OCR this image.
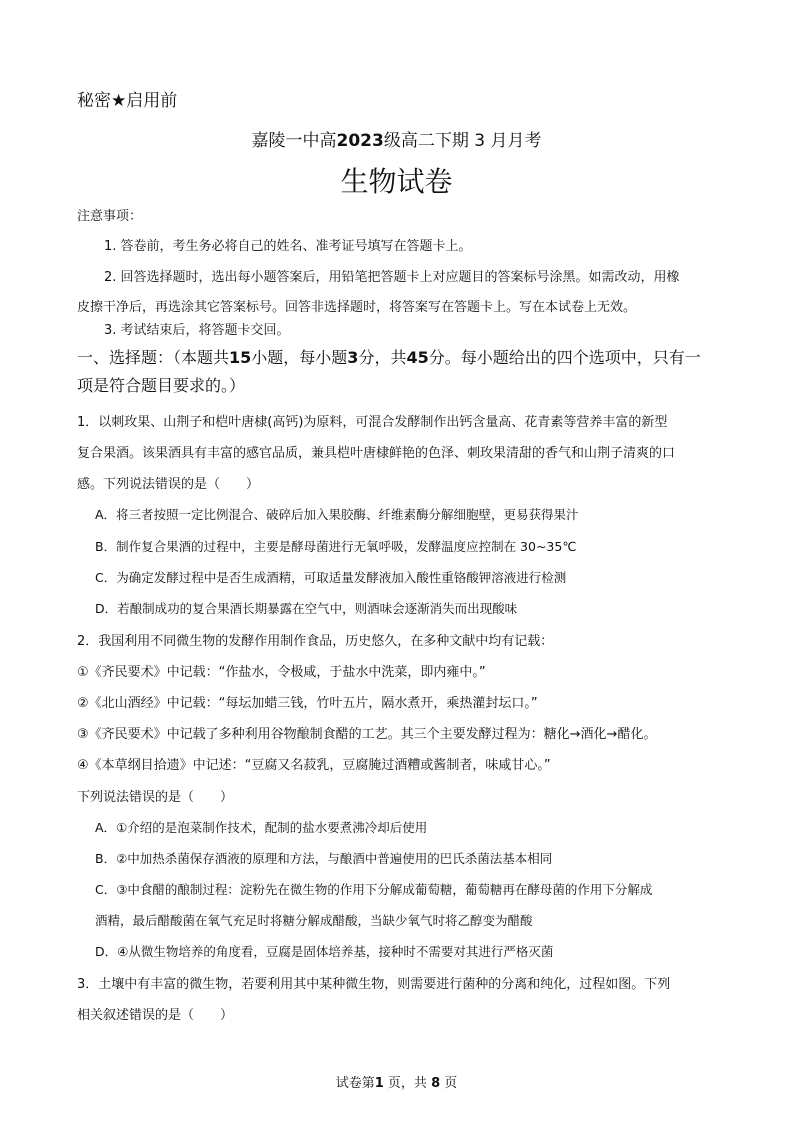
秘密★启用前
嘉陵一中高2023级高二下期 3 月月考
生物试卷
注意事项：
1. 答卷前，考生务必将自己的姓名、准考证号填写在答题卡上。
2. 回答选择题时，选出每小题答案后，用铅笔把答题卡上对应题目的答案标号涂黑。如需改动，用橡
皮擦干净后，再选涂其它答案标号。回答非选择题时，将答案写在答题卡上。写在本试卷上无效。
3. 考试结束后，将答题卡交回。
一、选择题：（本题共15小题，每小题3分，共45分。每小题给出的四个选项中，只有一
项是符合题目要求的。）
1．以刺玫果、山荆子和桤叶唐棣(高钙)为原料，可混合发酵制作出钙含量高、花青素等营养丰富的新型
复合果酒。该果酒具有丰富的感官品质，兼具桤叶唐棣鲜艳的色泽、刺玫果清甜的香气和山荆子清爽的口
感。下列说法错误的是（　　）
A．将三者按照一定比例混合、破碎后加入果胶酶、纤维素酶分解细胞壁，更易获得果汁
B．制作复合果酒的过程中，主要是酵母菌进行无氧呼吸，发酵温度应控制在 30~35℃
C．为确定发酵过程中是否生成酒精，可取适量发酵液加入酸性重铬酸钾溶液进行检测
D．若酿制成功的复合果酒长期暴露在空气中，则酒味会逐渐消失而出现酸味
2．我国利用不同微生物的发酵作用制作食品，历史悠久，在多种文献中均有记载：
①《齐民要术》中记载：“作盐水，令极咸，于盐水中洗菜，即内雍中。”
②《北山酒经》中记载：“每坛加蜡三钱，竹叶五片，隔水煮开，乘热灌封坛口。”
③《齐民要术》中记载了多种利用谷物酿制食醋的工艺。其三个主要发酵过程为：糖化→酒化→醋化。
④《本草纲目拾遗》中记述：“豆腐又名菽乳，豆腐腌过酒糟或酱制者，味咸甘心。”
下列说法错误的是（　　）
A．①介绍的是泡菜制作技术，配制的盐水要煮沸冷却后使用
B．②中加热杀菌保存酒液的原理和方法，与酿酒中普遍使用的巴氏杀菌法基本相同
C．③中食醋的酿制过程：淀粉先在微生物的作用下分解成葡萄糖，葡萄糖再在酵母菌的作用下分解成
酒精，最后醋酸菌在氧气充足时将糖分解成醋酸，当缺少氧气时将乙醇变为醋酸
D．④从微生物培养的角度看，豆腐是固体培养基，接种时不需要对其进行严格灭菌
3．土壤中有丰富的微生物，若要利用其中某种微生物，则需要进行菌种的分离和纯化，过程如图。下列
相关叙述错误的是（　　）
试卷第1 页，共 8 页
